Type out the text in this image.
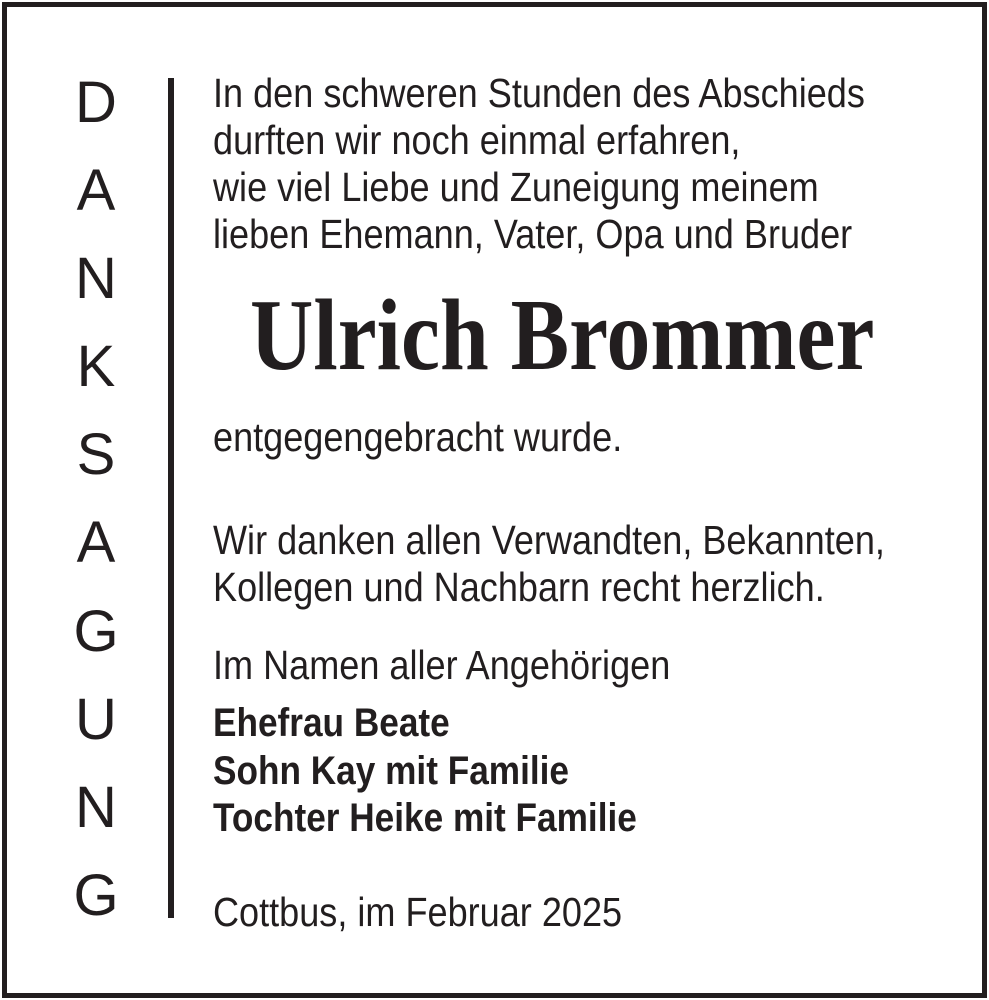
D
A
N
K
S
A
G
U
N
G
In den schweren Stunden des Abschieds
durften wir noch einmal erfahren,
wie viel Liebe und Zuneigung meinem
lieben Ehemann, Vater, Opa und Bruder
Ulrich Brommer
entgegengebracht wurde.
Wir danken allen Verwandten, Bekannten,
Kollegen und Nachbarn recht herzlich.
Im Namen aller Angehörigen
Ehefrau Beate
Sohn Kay mit Familie
Tochter Heike mit Familie
Cottbus, im Februar 2025
